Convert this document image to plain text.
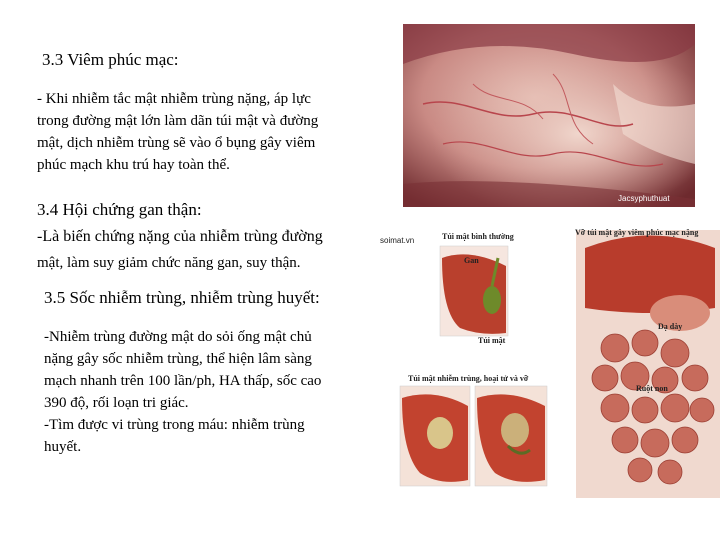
3.3 Viêm phúc mạc:
- Khi nhiễm tắc mật nhiễm trùng nặng, áp lực
trong đường mật lớn làm dãn túi mật và đường
mật, dịch nhiễm trùng sẽ vào ổ bụng gây viêm
phúc mạch khu trú hay toàn thể.
3.4 Hội chứng gan thận:
-Là biến chứng nặng của nhiễm trùng đường
mật, làm suy giảm chức năng gan, suy thận.
3.5 Sốc nhiễm trùng, nhiễm trùng huyết:
-Nhiễm trùng đường mật do sỏi ống mật chủ
nặng gây sốc nhiễm trùng, thể hiện lâm sàng
mạch nhanh trên 100 lần/ph, HA thấp, sốc cao
390 độ, rối loạn tri giác.
-Tìm được vi trùng trong máu: nhiễm trùng
huyết.
Jacsyphuthuat
soimat.vn	Túi mật bình thường
Gan
Túi mật
Túi mật nhiễm trùng, hoại tử và vỡ
Vỡ túi mật gây viêm phúc mạc nặng
Dạ dày
Ruột non
